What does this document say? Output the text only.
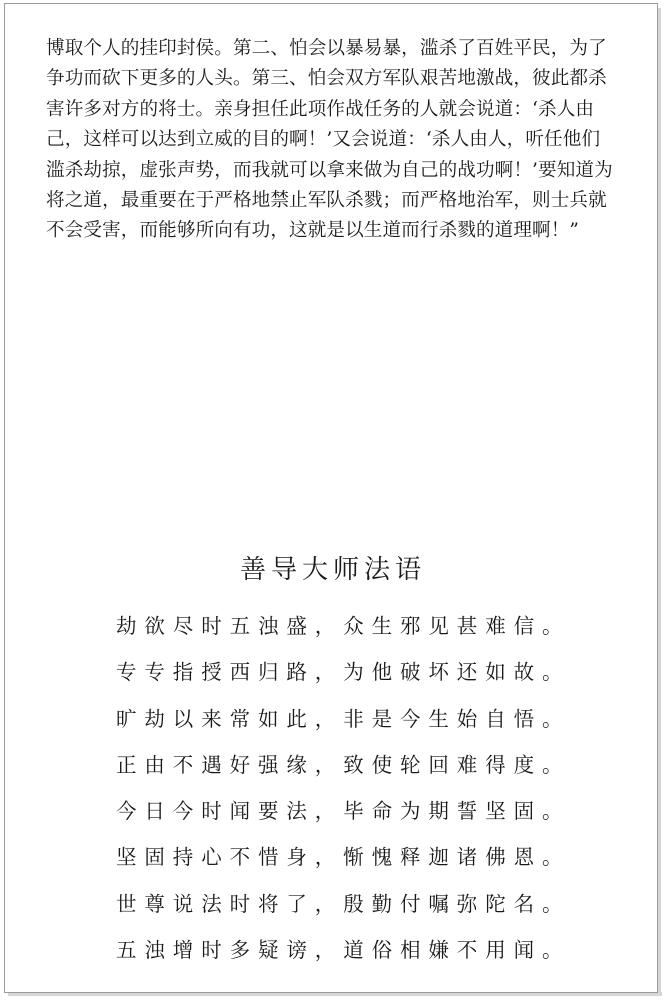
博取个人的挂印封侯。第二、怕会以暴易暴，滥杀了百姓平民，为了
争功而砍下更多的人头。第三、怕会双方军队艰苦地激战，彼此都杀
害许多对方的将士。亲身担任此项作战任务的人就会说道：‘杀人由
己，这样可以达到立威的目的啊！’又会说道：‘杀人由人，听任他们
滥杀劫掠，虚张声势，而我就可以拿来做为自己的战功啊！’要知道为
将之道，最重要在于严格地禁止军队杀戮；而严格地治军，则士兵就
不会受害，而能够所向有功，这就是以生道而行杀戮的道理啊！”
善导大师法语
劫欲尽时五浊盛，众生邪见甚难信。
专专指授西归路，为他破坏还如故。
旷劫以来常如此，非是今生始自悟。
正由不遇好强缘，致使轮回难得度。
今日今时闻要法，毕命为期誓坚固。
坚固持心不惜身，惭愧释迦诸佛恩。
世尊说法时将了，殷勤付嘱弥陀名。
五浊增时多疑谤，道俗相嫌不用闻。
